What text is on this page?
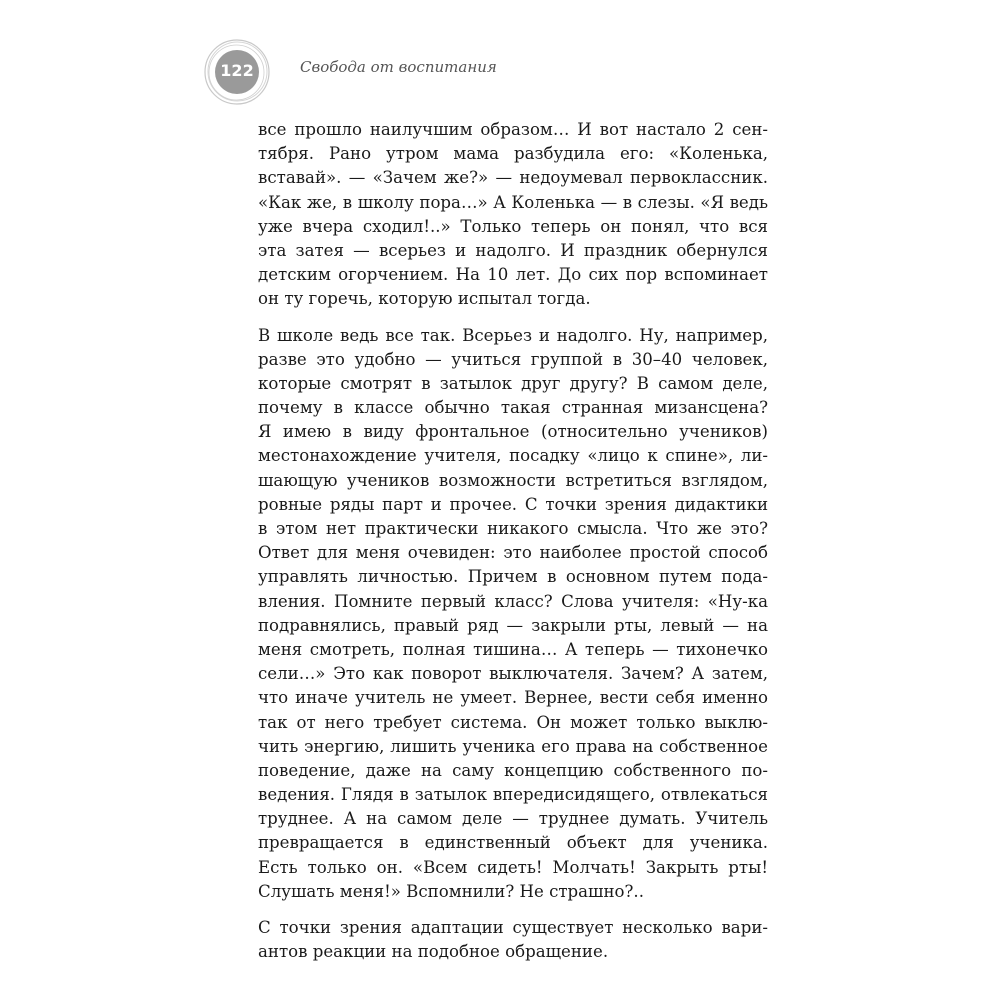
122	Свобода от воспитания
все прошло наилучшим образом… И вот настало 2 сен-
тября. Рано утром мама разбудила его: «Коленька,
вставай». — «Зачем же?» — недоумевал первоклассник.
«Как же, в школу пора…» А Коленька — в слезы. «Я ведь
уже вчера сходил!..» Только теперь он понял, что вся
эта затея — всерьез и надолго. И праздник обернулся
детским огорчением. На 10 лет. До сих пор вспоминает
он ту горечь, которую испытал тогда.
В школе ведь все так. Всерьез и надолго. Ну, например,
разве это удобно — учиться группой в 30–40 человек,
которые смотрят в затылок друг другу? В самом деле,
почему в классе обычно такая странная мизансцена?
Я имею в виду фронтальное (относительно учеников)
местонахождение учителя, посадку «лицо к спине», ли-
шающую учеников возможности встретиться взглядом,
ровные ряды парт и прочее. С точки зрения дидактики
в этом нет практически никакого смысла. Что же это?
Ответ для меня очевиден: это наиболее простой способ
управлять личностью. Причем в основном путем пода-
вления. Помните первый класс? Слова учителя: «Ну-ка
подравнялись, правый ряд — закрыли рты, левый — на
меня смотреть, полная тишина… А теперь — тихонечко
сели…» Это как поворот выключателя. Зачем? А затем,
что иначе учитель не умеет. Вернее, вести себя именно
так от него требует система. Он может только выклю-
чить энергию, лишить ученика его права на собственное
поведение, даже на саму концепцию собственного по-
ведения. Глядя в затылок впередисидящего, отвлекаться
труднее. А на самом деле — труднее думать. Учитель
превращается в единственный объект для ученика.
Есть только он. «Всем сидеть! Молчать! Закрыть рты!
Слушать меня!» Вспомнили? Не страшно?..
С точки зрения адаптации существует несколько вари-
антов реакции на подобное обращение.
